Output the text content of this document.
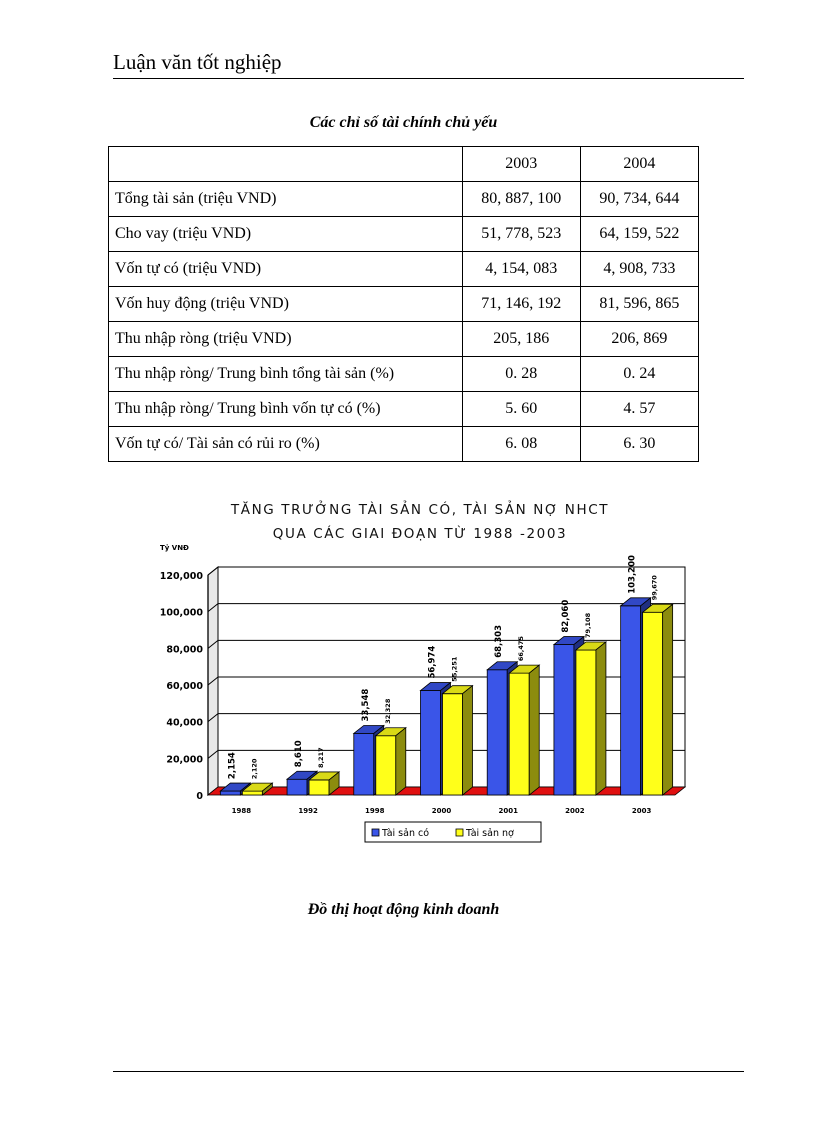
Luận văn tốt nghiệp
Các chỉ số tài chính chủ yếu
	2003	2004
Tổng tài sản (triệu VND)	80, 887, 100	90, 734, 644
Cho vay (triệu VND)	51, 778, 523	64, 159, 522
Vốn tự có (triệu VND)	4, 154, 083	4, 908, 733
Vốn huy động (triệu VND)	71, 146, 192	81, 596, 865
Thu nhập ròng (triệu VND)	205, 186	206, 869
Thu nhập ròng/ Trung bình tổng tài sản (%)	0. 28	0. 24
Thu nhập ròng/ Trung bình vốn tự có (%)	5. 60	4. 57
Vốn tự có/ Tài sản có rủi ro (%)	6. 08	6. 30
TĂNG TRƯỞNG TÀI SẢN CÓ, TÀI SẢN NỢ NHCT
QUA CÁC GIAI ĐOẠN TỪ 1988 -2003
0
20,000
40,000
60,000
80,000
100,000
120,000
Tỷ VNĐ
2,154 2,120
1988
8,610 8,217
1992
33,548 32,328
1998
56,974 55,251
2000
68,303 66,475
2001
82,060 79,108
2002
103,200 99,670
2003
Tài sản có	Tài sản nợ
Đồ thị hoạt động kinh doanh
